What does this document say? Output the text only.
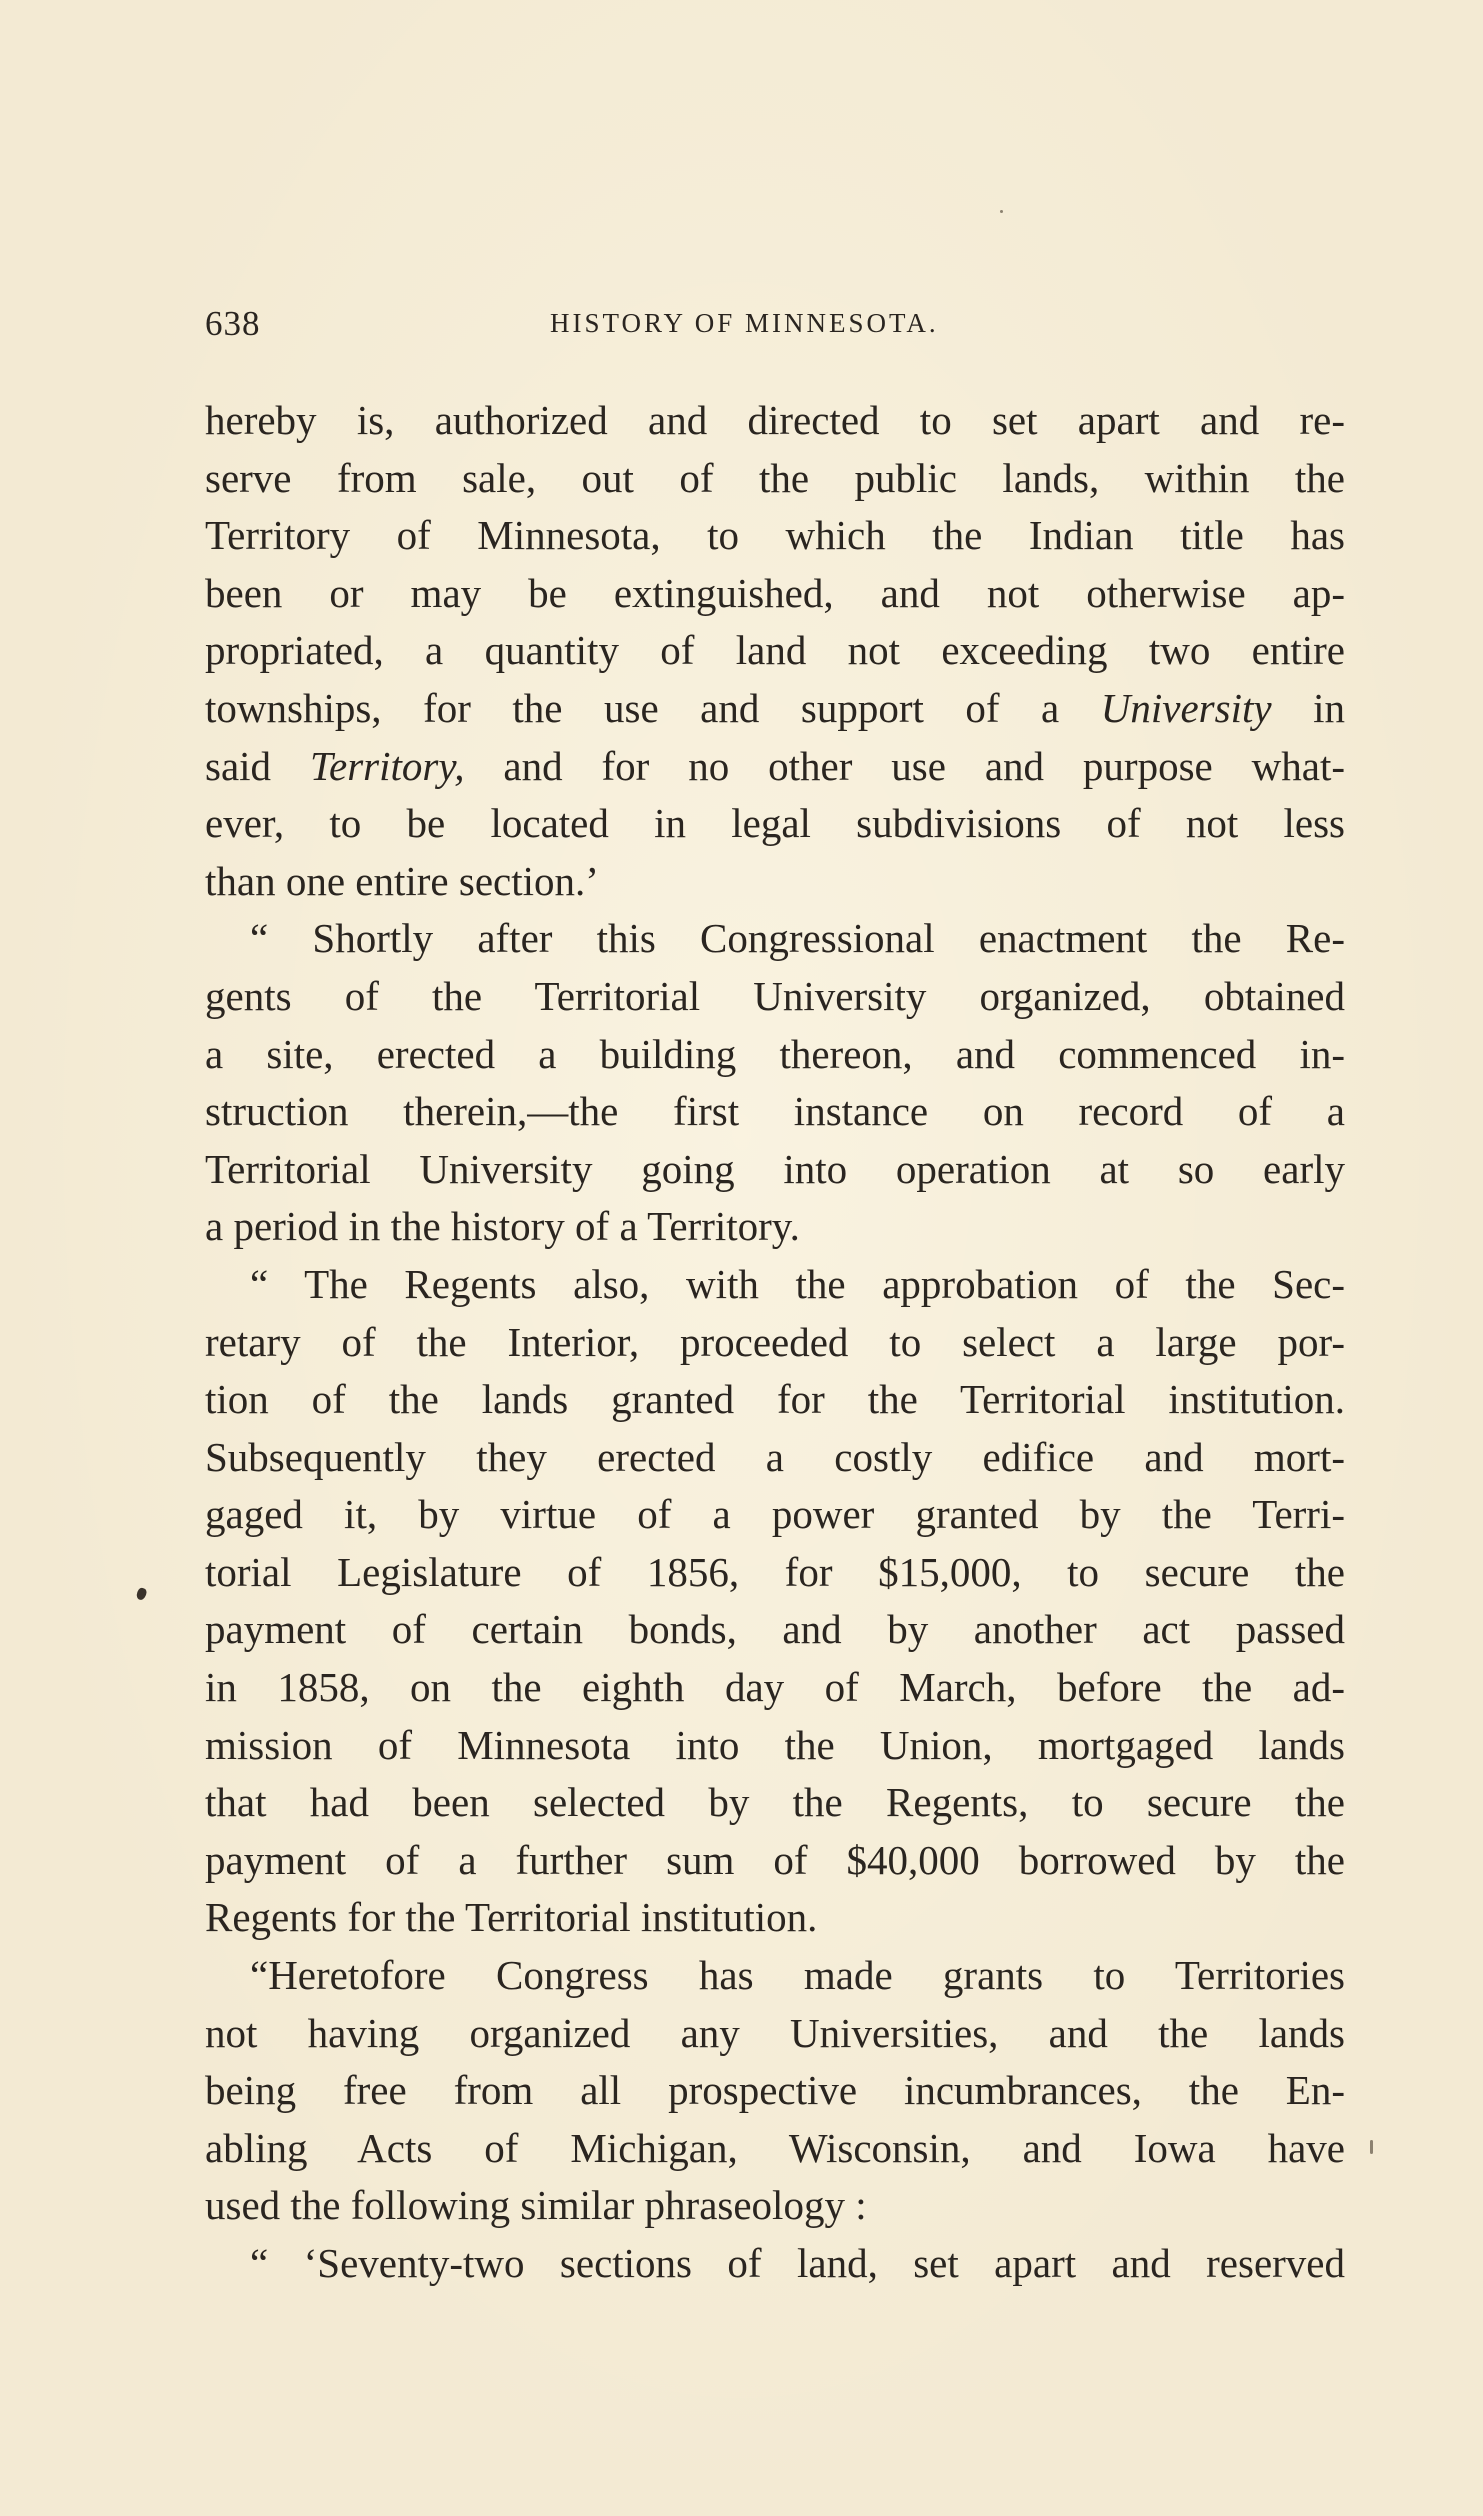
638	HISTORY OF MINNESOTA.
hereby is, authorized and directed to set apart and re-
serve from sale, out of the public lands, within the
Territory of Minnesota, to which the Indian title has
been or may be extinguished, and not otherwise ap-
propriated, a quantity of land not exceeding two entire
townships, for the use and support of a University in
said Territory, and for no other use and purpose what-
ever, to be located in legal subdivisions of not less
than one entire section.’
“ Shortly after this Congressional enactment the Re-
gents of the Territorial University organized, obtained
a site, erected a building thereon, and commenced in-
struction therein,—the first instance on record of a
Territorial University going into operation at so early
a period in the history of a Territory.
“ The Regents also, with the approbation of the Sec-
retary of the Interior, proceeded to select a large por-
tion of the lands granted for the Territorial institution.
Subsequently they erected a costly edifice and mort-
gaged it, by virtue of a power granted by the Terri-
torial Legislature of 1856, for $15,000, to secure the
payment of certain bonds, and by another act passed
in 1858, on the eighth day of March, before the ad-
mission of Minnesota into the Union, mortgaged lands
that had been selected by the Regents, to secure the
payment of a further sum of $40,000 borrowed by the
Regents for the Territorial institution.
“Heretofore Congress has made grants to Territories
not having organized any Universities, and the lands
being free from all prospective incumbrances, the En-
abling Acts of Michigan, Wisconsin, and Iowa have
used the following similar phraseology :
“ ‘Seventy-two sections of land, set apart and reserved
